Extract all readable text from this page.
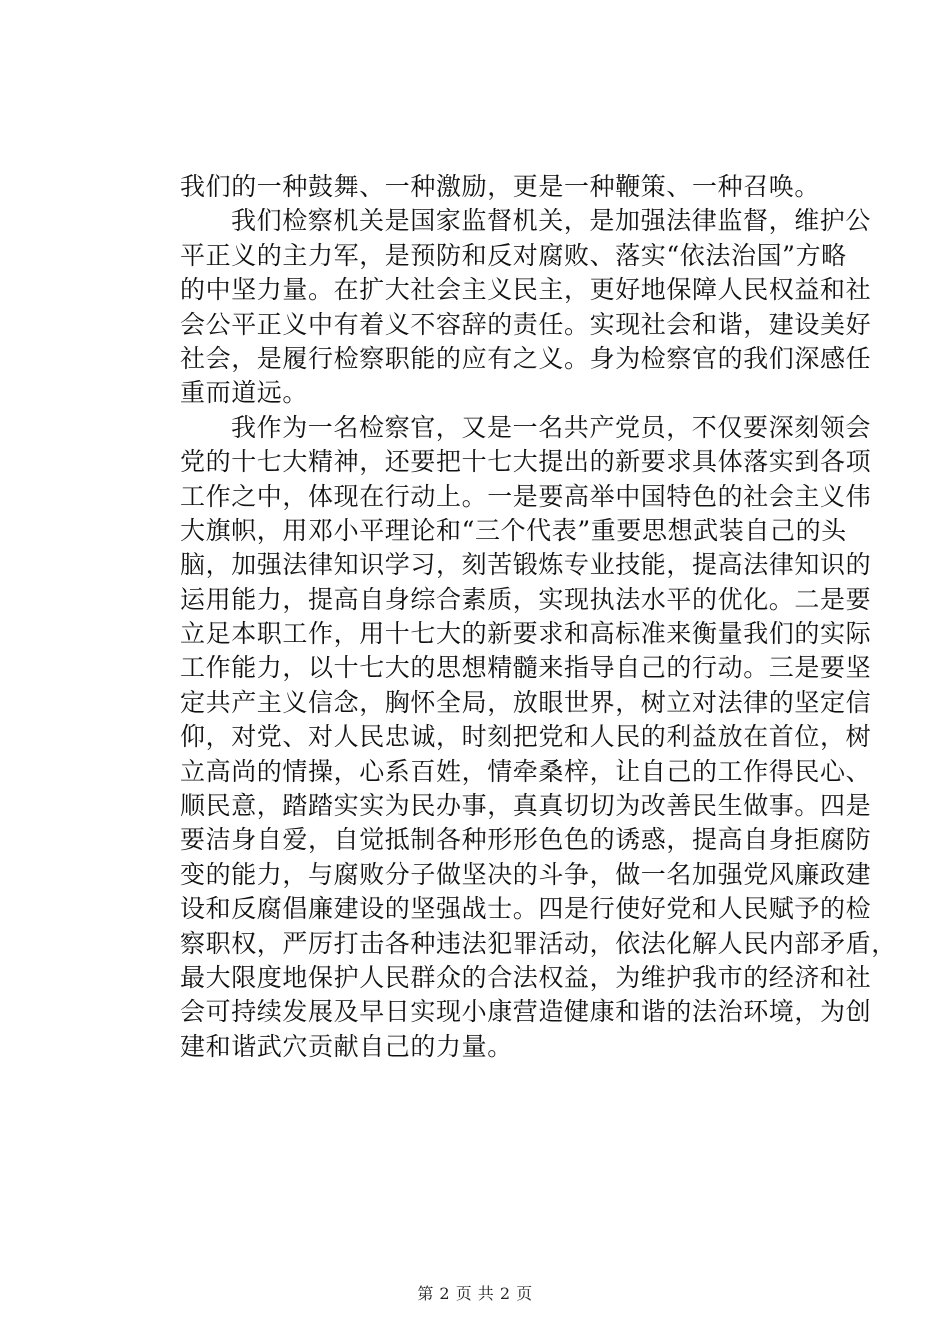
我们的一种鼓舞、一种激励，更是一种鞭策、一种召唤。
我们检察机关是国家监督机关，是加强法律监督，维护公
平正义的主力军，是预防和反对腐败、落实“依法治国”方略
的中坚力量。在扩大社会主义民主，更好地保障人民权益和社
会公平正义中有着义不容辞的责任。实现社会和谐，建设美好
社会，是履行检察职能的应有之义。身为检察官的我们深感任
重而道远。
我作为一名检察官，又是一名共产党员，不仅要深刻领会
党的十七大精神，还要把十七大提出的新要求具体落实到各项
工作之中，体现在行动上。一是要高举中国特色的社会主义伟
大旗帜，用邓小平理论和“三个代表”重要思想武装自己的头
脑，加强法律知识学习，刻苦锻炼专业技能，提高法律知识的
运用能力，提高自身综合素质，实现执法水平的优化。二是要
立足本职工作，用十七大的新要求和高标准来衡量我们的实际
工作能力，以十七大的思想精髓来指导自己的行动。三是要坚
定共产主义信念，胸怀全局，放眼世界，树立对法律的坚定信
仰，对党、对人民忠诚，时刻把党和人民的利益放在首位，树
立高尚的情操，心系百姓，情牵桑梓，让自己的工作得民心、
顺民意，踏踏实实为民办事，真真切切为改善民生做事。四是
要洁身自爱，自觉抵制各种形形色色的诱惑，提高自身拒腐防
变的能力，与腐败分子做坚决的斗争，做一名加强党风廉政建
设和反腐倡廉建设的坚强战士。四是行使好党和人民赋予的检
察职权，严厉打击各种违法犯罪活动，依法化解人民内部矛盾，
最大限度地保护人民群众的合法权益，为维护我市的经济和社
会可持续发展及早日实现小康营造健康和谐的法治环境，为创
建和谐武穴贡献自己的力量。
第 2 页 共 2 页
